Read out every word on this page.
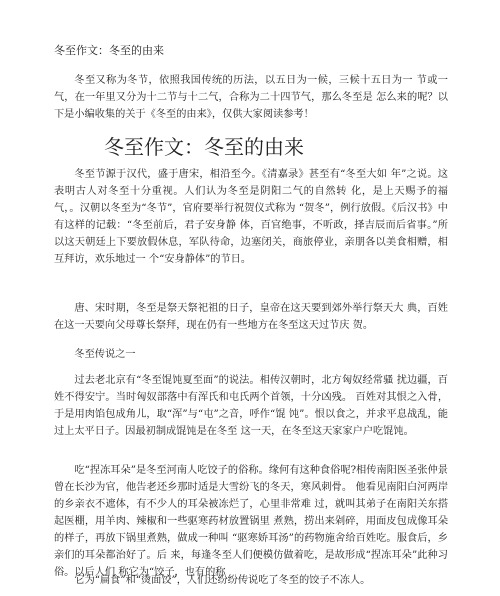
冬至作文：冬至的由来

冬至又称为冬节，依照我国传统的历法，以五日为一候，三候十五日为一 节或一气，在一年里又分为十二节与十二气，合称为二十四节气，那么冬至是 怎么来的呢？以下是小编收集的关于《冬至的由来》，仅供大家阅读参考！

冬至作文：冬至的由来

冬至节源于汉代，盛于唐宋，相沿至今。《清嘉录》甚至有“冬至大如 年”之说。这表明古人对冬至十分重视。人们认为冬至是阴阳二气的自然转 化，是上天赐予的福气，。汉朝以冬至为“冬节”，官府要举行祝贺仪式称为 “贺冬”，例行放假。《后汉书》中有这样的记载：“冬至前后，君子安身静 体，百官绝事，不听政，择吉辰而后省事。”所以这天朝廷上下要放假休息，军队待命，边塞闭关，商旅停业，亲朋各以美食相赠，相互拜访，欢乐地过一 个“安身静体”的节日。

唐、宋时期，冬至是祭天祭祀祖的日子，皇帝在这天要到郊外举行祭天大 典，百姓在这一天要向父母尊长祭拜，现在仍有一些地方在冬至这天过节庆 贺。

冬至传说之一

过去老北京有“冬至馄饨夏至面”的说法。相传汉朝时，北方匈奴经常骚 扰边疆，百姓不得安宁。当时匈奴部落中有浑氏和屯氏两个首领，十分凶残。 百姓对其恨之入骨，于是用肉馅包成角儿，取“浑”与“屯”之音，呼作“馄 饨”。恨以食之，并求平息战乱，能过上太平日子。因最初制成馄饨是在冬至 这一天，在冬至这天家家户户吃馄饨。

吃“捏冻耳朵”是冬至河南人吃饺子的俗称。缘何有这种食俗呢?相传南阳医圣张仲景曾在长沙为官，他告老还乡那时适是大雪纷飞的冬天，寒风刺骨。 他看见南阳白河两岸的乡亲衣不遮体，有不少人的耳朵被冻烂了，心里非常难 过，就叫其弟子在南阳关东搭起医棚，用羊肉、辣椒和一些驱寒药材放置锅里 煮熟，捞出来剁碎，用面皮包成像耳朵的样子，再放下锅里煮熟，做成一种叫 “驱寒娇耳汤”的药物施舍给百姓吃。服食后，乡亲们的耳朵都治好了。后 来，每逢冬至人们便模仿做着吃，是故形成“捏冻耳朵”此种习俗。以后人们 称它为“饺子，也有的称

它为“扁食”和“烫面饺”，人们还纷纷传说吃了冬至的饺子不冻人。
